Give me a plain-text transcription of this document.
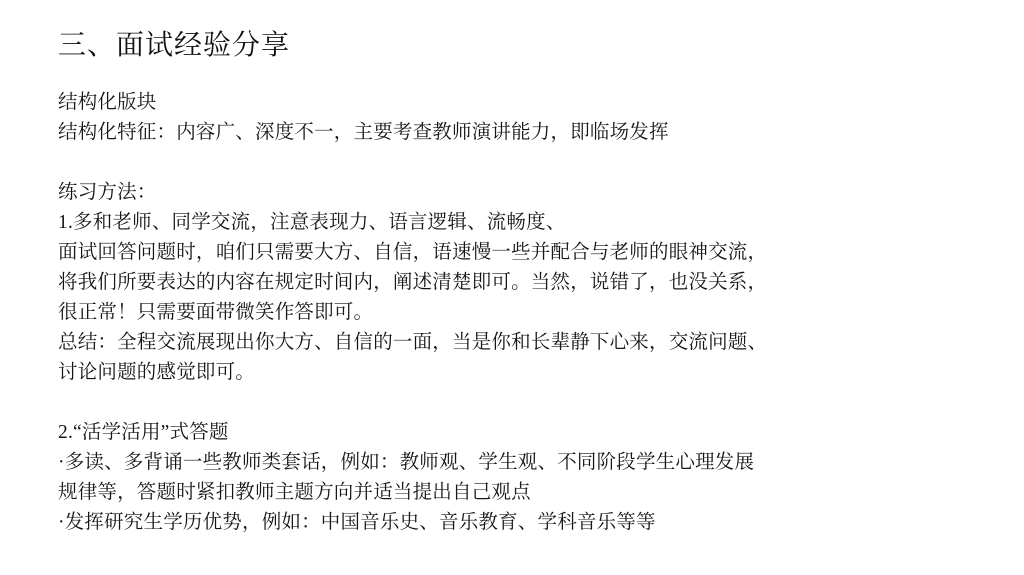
三、面试经验分享

结构化版块

结构化特征：内容广、深度不一，主要考查教师演讲能力，即临场发挥

练习方法：

1.多和老师、同学交流，注意表现力、语言逻辑、流畅度、

面试回答问题时，咱们只需要大方、自信，语速慢一些并配合与老师的眼神交流，

将我们所要表达的内容在规定时间内，阐述清楚即可。当然，说错了，也没关系，

很正常！只需要面带微笑作答即可。

总结：全程交流展现出你大方、自信的一面，当是你和长辈静下心来，交流问题、

讨论问题的感觉即可。

2.“活学活用”式答题

·多读、多背诵一些教师类套话，例如：教师观、学生观、不同阶段学生心理发展

规律等，答题时紧扣教师主题方向并适当提出自己观点

·发挥研究生学历优势，例如：中国音乐史、音乐教育、学科音乐等等
